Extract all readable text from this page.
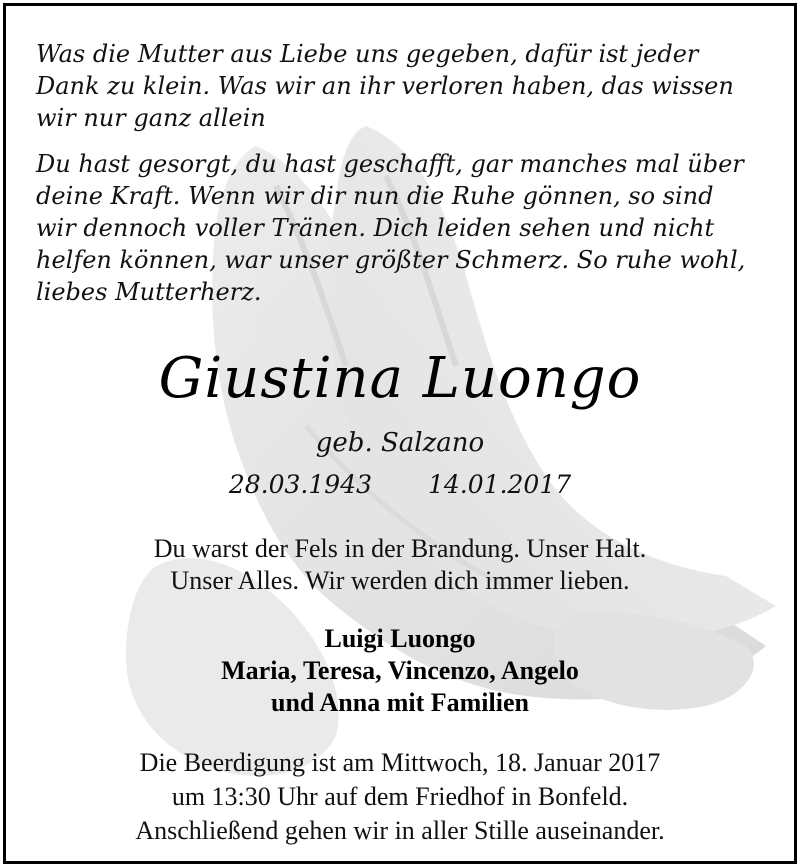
Was die Mutter aus Liebe uns gegeben, dafür ist jeder
Dank zu klein. Was wir an ihr verloren haben, das wissen
wir nur ganz allein
Du hast gesorgt, du hast geschafft, gar manches mal über
deine Kraft. Wenn wir dir nun die Ruhe gönnen, so sind
wir dennoch voller Tränen. Dich leiden sehen und nicht
helfen können, war unser größter Schmerz. So ruhe wohl,
liebes Mutterherz.
Giustina Luongo
geb. Salzano
28.03.1943 14.01.2017
Du warst der Fels in der Brandung. Unser Halt.
Unser Alles. Wir werden dich immer lieben.
Luigi Luongo
Maria, Teresa, Vincenzo, Angelo
und Anna mit Familien
Die Beerdigung ist am Mittwoch, 18. Januar 2017
um 13:30 Uhr auf dem Friedhof in Bonfeld.
Anschließend gehen wir in aller Stille auseinander.
